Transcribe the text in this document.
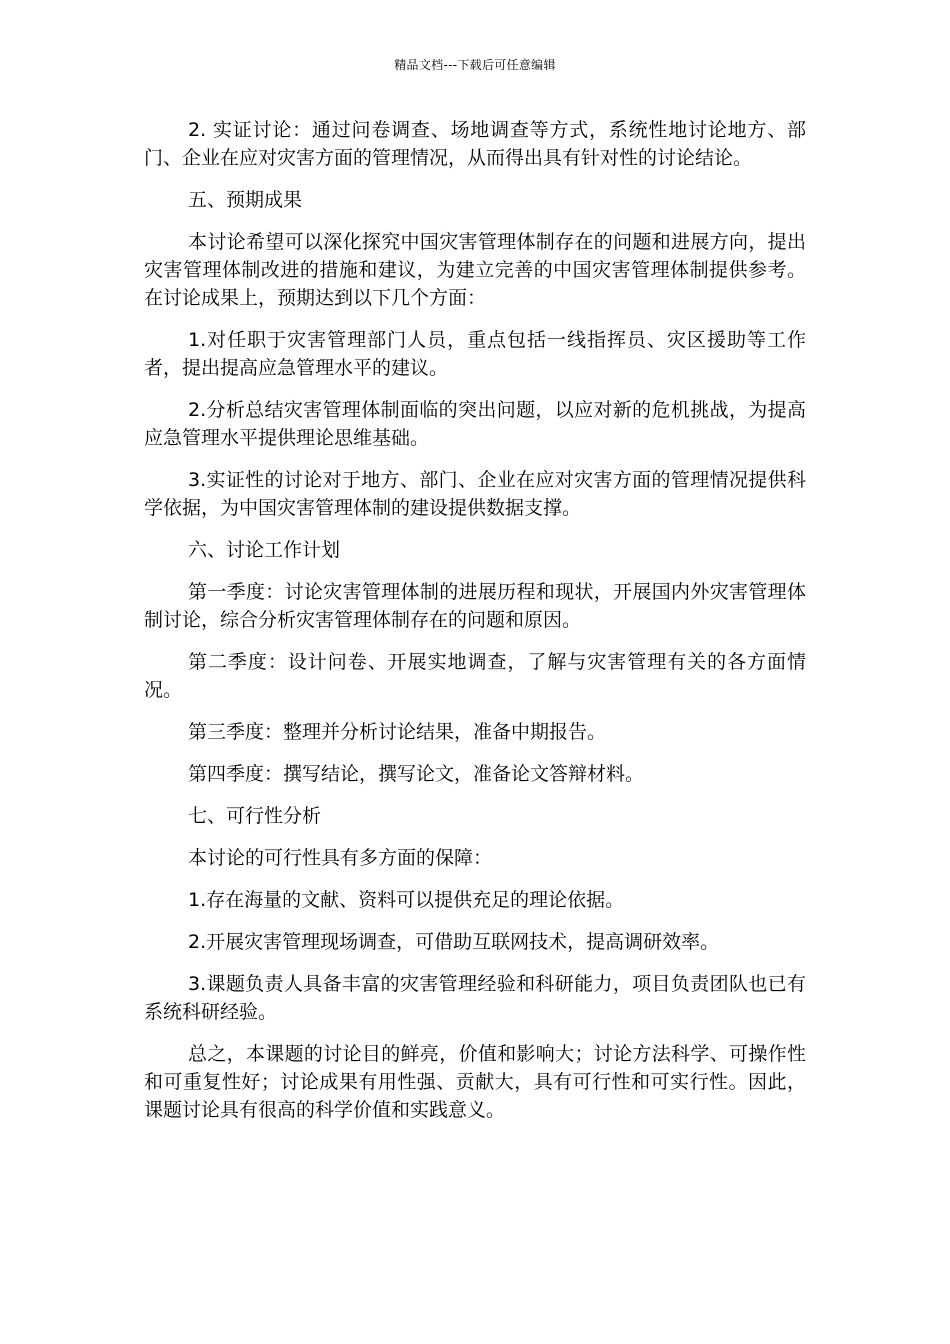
精品文档---下载后可任意编辑

2. 实证讨论：通过问卷调查、场地调查等方式，系统性地讨论地方、部门、企业在应对灾害方面的管理情况，从而得出具有针对性的讨论结论。

五、预期成果

本讨论希望可以深化探究中国灾害管理体制存在的问题和进展方向，提出灾害管理体制改进的措施和建议，为建立完善的中国灾害管理体制提供参考。在讨论成果上，预期达到以下几个方面：

1.对任职于灾害管理部门人员，重点包括一线指挥员、灾区援助等工作者，提出提高应急管理水平的建议。

2.分析总结灾害管理体制面临的突出问题，以应对新的危机挑战，为提高应急管理水平提供理论思维基础。

3.实证性的讨论对于地方、部门、企业在应对灾害方面的管理情况提供科学依据，为中国灾害管理体制的建设提供数据支撑。

六、讨论工作计划

第一季度：讨论灾害管理体制的进展历程和现状，开展国内外灾害管理体制讨论，综合分析灾害管理体制存在的问题和原因。

第二季度：设计问卷、开展实地调查，了解与灾害管理有关的各方面情况。

第三季度：整理并分析讨论结果，准备中期报告。

第四季度：撰写结论，撰写论文，准备论文答辩材料。

七、可行性分析

本讨论的可行性具有多方面的保障：

1.存在海量的文献、资料可以提供充足的理论依据。

2.开展灾害管理现场调查，可借助互联网技术，提高调研效率。

3.课题负责人具备丰富的灾害管理经验和科研能力，项目负责团队也已有系统科研经验。

总之，本课题的讨论目的鲜亮，价值和影响大；讨论方法科学、可操作性和可重复性好；讨论成果有用性强、贡献大，具有可行性和可实行性。因此，课题讨论具有很高的科学价值和实践意义。
